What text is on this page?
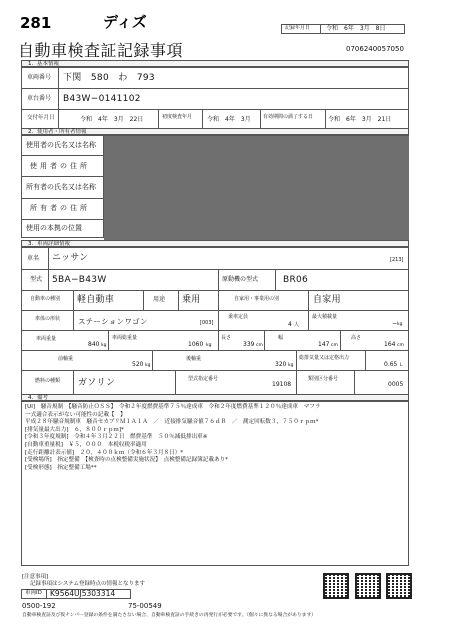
281	ディズ	記録年月日	令和　6年　3月　8日
自動車検査証記録事項	0706240057050
1．基本情報
車両番号 下関　580　わ　793
車台番号 B43W−0141102
交付年月日	令和　4年　3月　22日	初度検査年月 令和　4年　3月 有効期間の満了する日 令和　6年　3月　21日
2．使用者・所有者情報
使用者の氏名又は名称
使用者の住所
所有者の氏名又は名称
所有者の住所
使用の本拠の位置
3．車両詳細情報
車名 ニッサン	[213]
型式 5BA−B43W	原動機の型式	BR06
自動車の種別 軽自動車	用途 乗用	自家用・事業用の別	自家用
車体の形状 ステーションワゴン	[003]
乗車定員
4 人
最大積載量
− kg
車両重量
840 kg
車両総重量
1060 kg
長さ
339 cm
幅
147 cm
高さ
164 cm
前軸重
520 kg
後軸重
320 kg
総排気量又は定格出力
0.65 L
燃料の種類 ガソリン	型式指定番号
19108
類別区分番号
0005
4．備考
[UI]　騒音規制　【騒音防止ＯＳＳ】　令和２年度燃費基準７５％達成車　令和２年度燃費基準１２０％達成車　マフラ
一式適合表示がない可能性の記載【　】
平成２８年騒音規制車　騒音セカブリＭ１Ａ１Ａ　／　近接排気騒音値７６ｄＢ　／　測定回転数３，７５０ｒｐｍ*
[排気量最大出力]　６，８００ｒｐｍ]*
[令和３年度規制]　令和４年３月２２日　燃費基準　５０％減低排出車※
[自動車重量税]　￥５，０００　本税収税率適用
[走行距離計表示値]　２０，４００ｋｍ（令和６年３月８日）*
[受検場所]　指定整備　【検査時の点検整備実施状況】　点検整備記録簿記載あり*
[受検形態]　指定整備工場**
[注意事項]
記録事項はシステム登録時点の情報となります
車両ID K9564UJ5303314
0500-192	75-00549
自動車検査証及び仮ナンバー登録の条件を満たさない場合、自動車検査証の手続きの再発行が必要です。（個々に異なる場合があります）
